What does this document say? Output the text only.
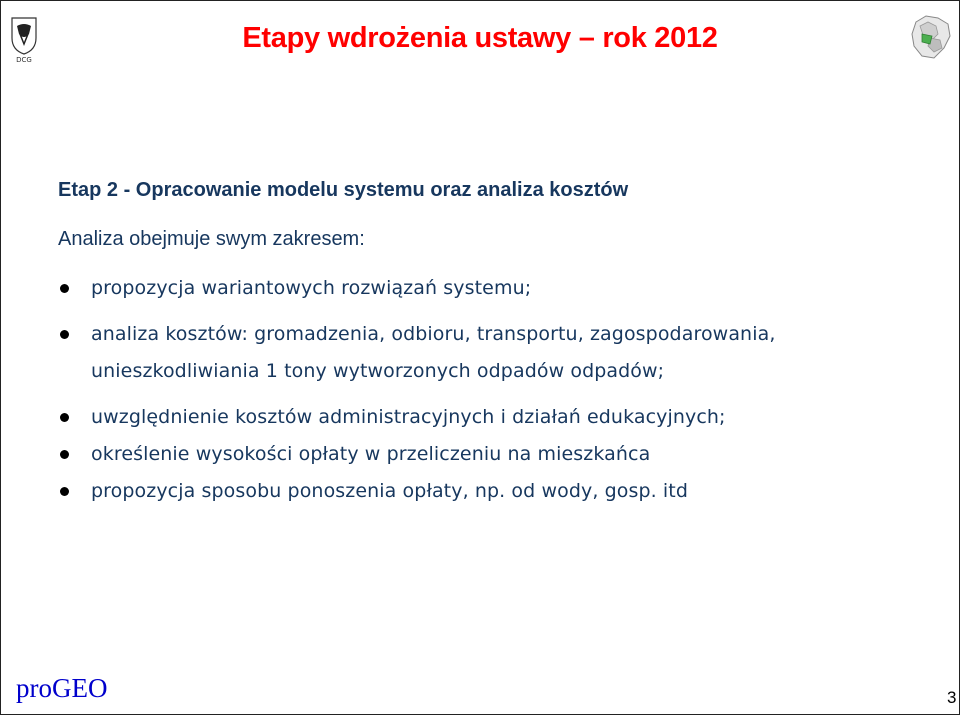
DCG
Etapy wdrożenia ustawy – rok 2012

Etap 2 - Opracowanie modelu systemu oraz analiza kosztów

Analiza obejmuje swym zakresem:
propozycja wariantowych rozwiązań systemu;
analiza kosztów: gromadzenia, odbioru, transportu, zagospodarowania,
unieszkodliwiania 1 tony wytworzonych odpadów odpadów;
uwzględnienie kosztów administracyjnych i działań edukacyjnych;
określenie wysokości opłaty w przeliczeniu na mieszkańca
propozycja sposobu ponoszenia opłaty, np. od wody, gosp. itd
proGEO	3
